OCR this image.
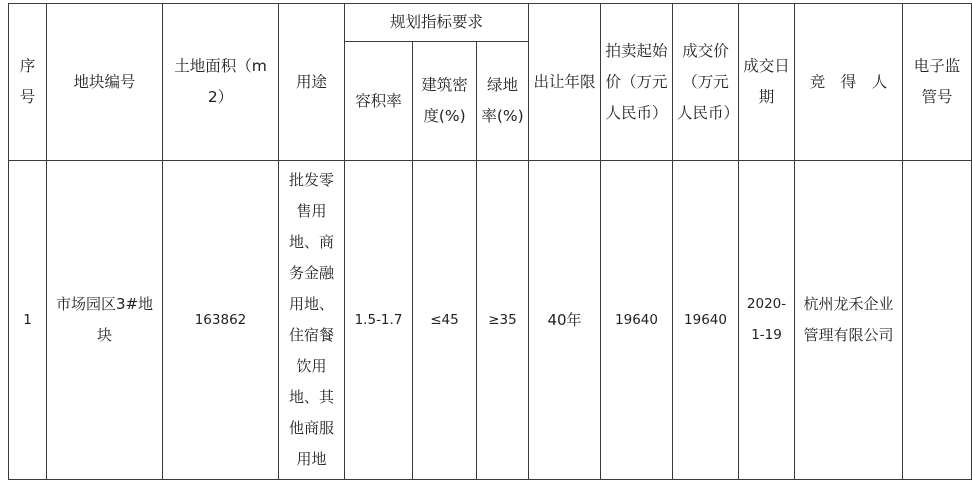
序号	地块编号	土地面积（m2）	用途	规划指标要求			出让年限	拍卖起始价（万元人民币）	成交价（万元人民币）	成交日期	竞　得　人	电子监管号
				容积率	建筑密度(%)	绿地率(%)						
1	市场园区3#地块	163862	批发零售用地、商务金融用地、住宿餐饮用地、其他商服用地	1.5-1.7	≤45	≥35	40年	19640	19640	2020-1-19	杭州龙禾企业管理有限公司	
